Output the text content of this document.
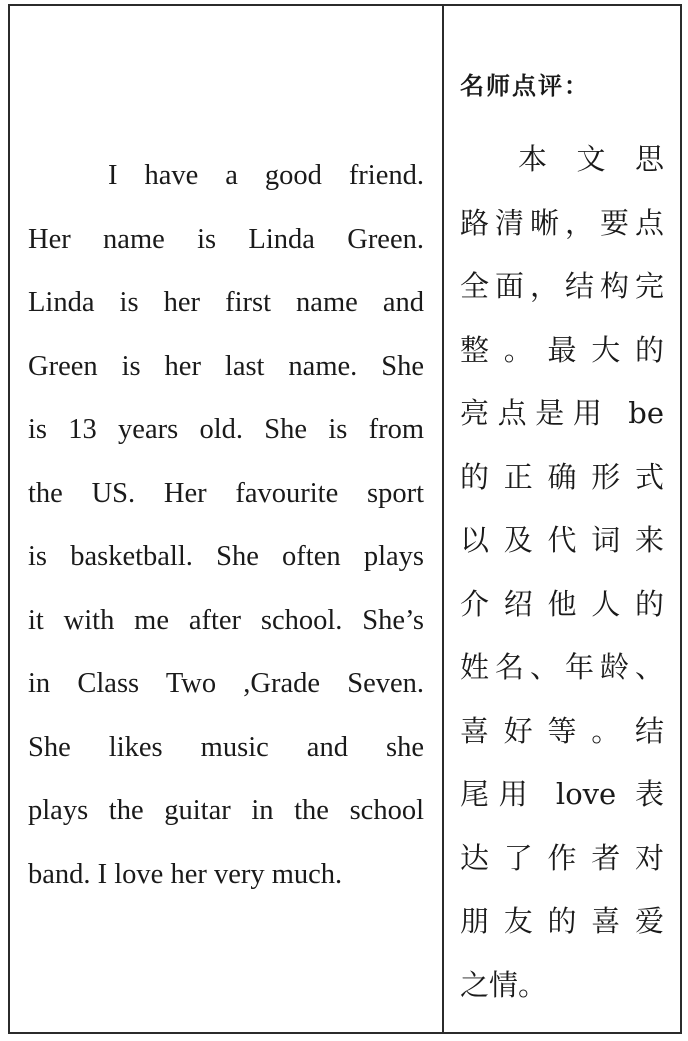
I have a good friend.
Her name is Linda Green.
Linda is her first name and
Green is her last name. She
is 13 years old. She is from
the US. Her favourite sport
is basketball. She often plays
it with me after school. She’s
in Class Two ,Grade Seven.
She likes music and she
plays the guitar in the school
band. I love her very much.
名师点评：
本 文 思
路清晰，要点
全面，结构完
整。最大的
亮点是用 be
的正确形式
以及代词来
介绍他人的
姓名、年龄、
喜好等。结
尾用 love 表
达了作者对
朋友的喜爱
之情。
